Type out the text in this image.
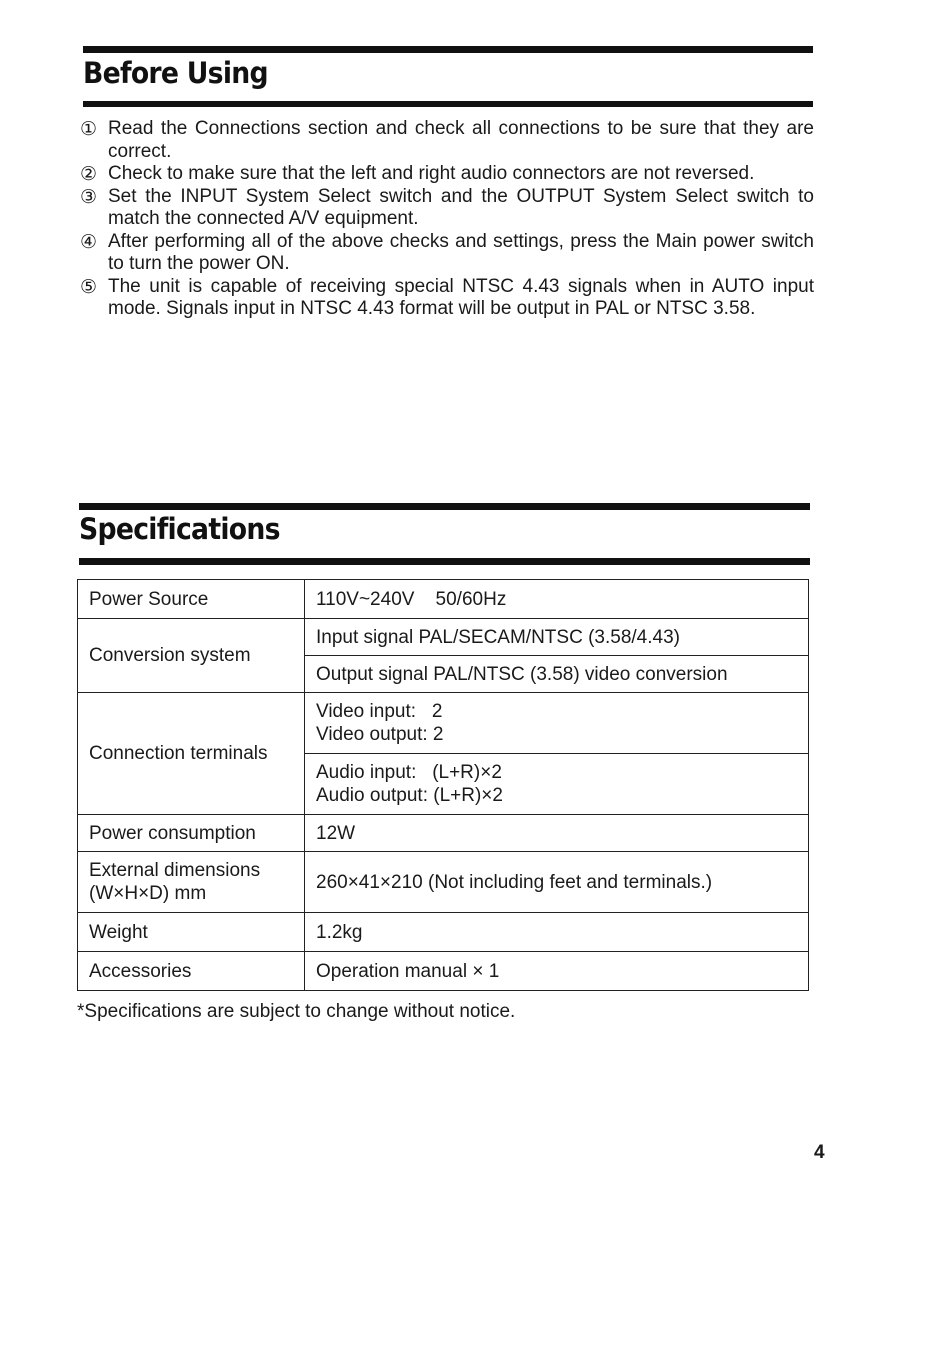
Before Using
① Read the Connections section and check all connections to be sure that they are correct.
② Check to make sure that the left and right audio connectors are not reversed.
③ Set the INPUT System Select switch and the OUTPUT System Select switch to match the connected A/V equipment.
④ After performing all of the above checks and settings, press the Main power switch to turn the power ON.
⑤ The unit is capable of receiving special NTSC 4.43 signals when in AUTO input mode. Signals input in NTSC 4.43 format will be output in PAL or NTSC 3.58.
Specifications
Power Source	110V~240V    50/60Hz
Conversion system	Input signal PAL/SECAM/NTSC (3.58/4.43)
	Output signal PAL/NTSC (3.58) video conversion
Connection terminals	Video input:   2
Video output: 2

	Audio input:   (L+R)×2
Audio output: (L+R)×2

Power consumption	12W

External dimensions
(W×H×D) mm	260×41×210 (Not including feet and terminals.)
Weight	1.2kg
Accessories	Operation manual × 1

*Specifications are subject to change without notice.

4
